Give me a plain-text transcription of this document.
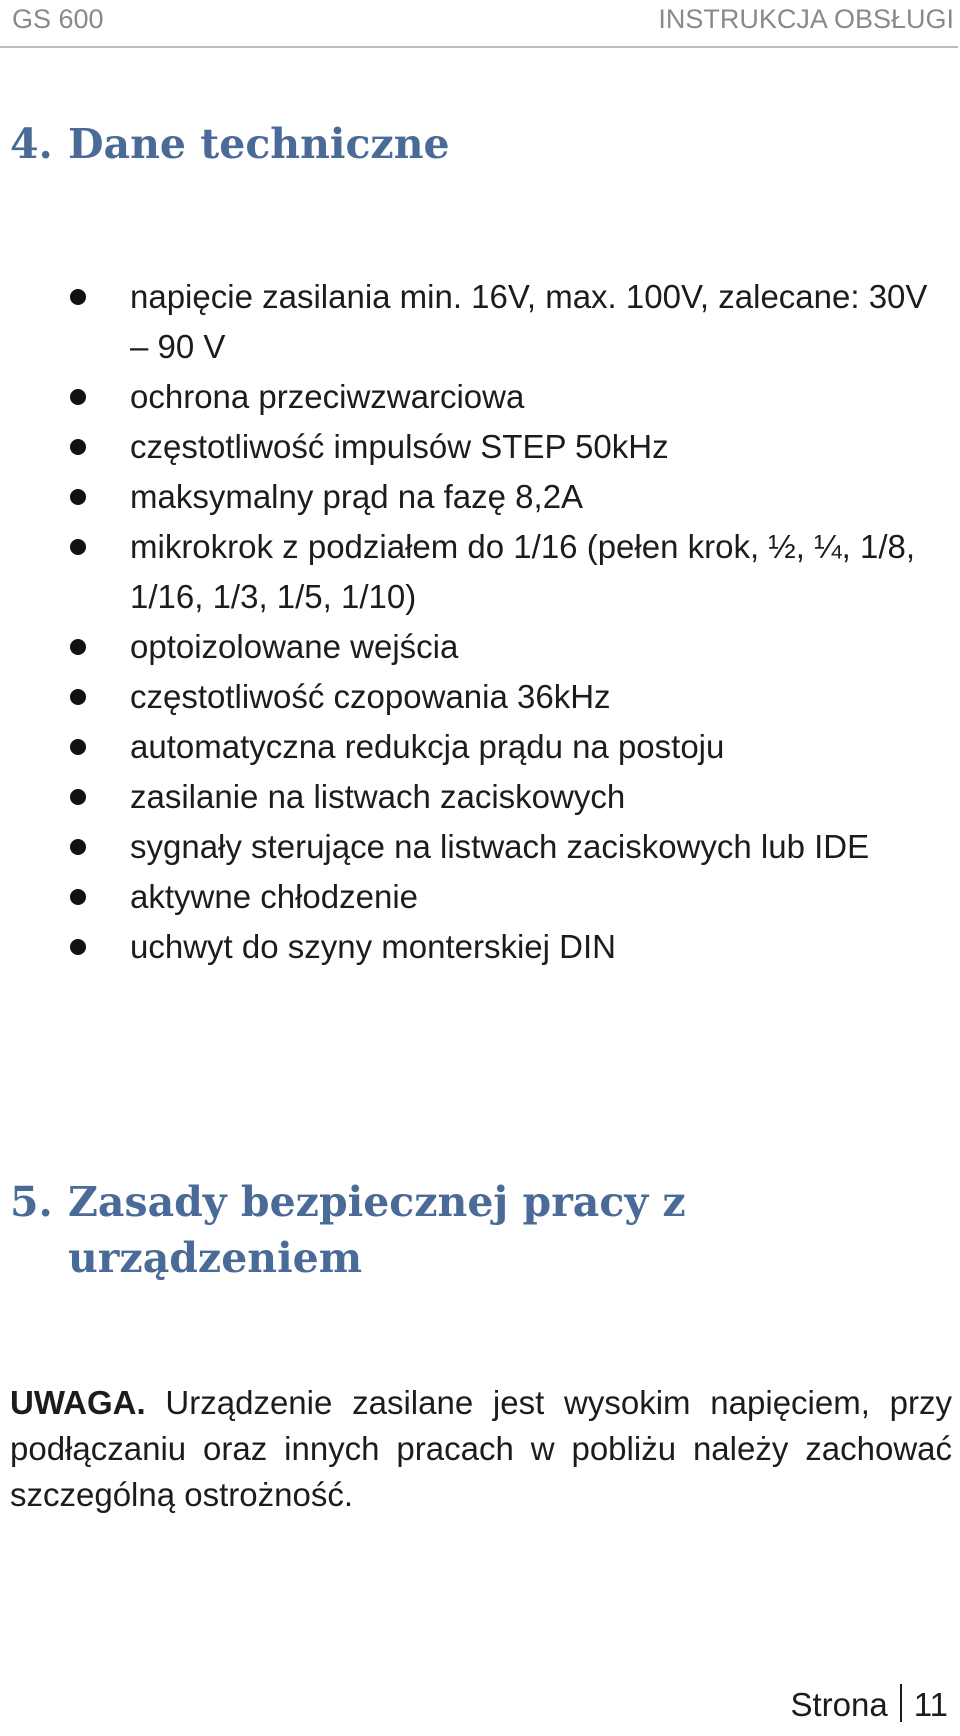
GS 600	INSTRUKCJA OBSŁUGI
4. Dane techniczne
napięcie zasilania min. 16V, max. 100V, zalecane: 30V – 90 V
ochrona przeciwzwarciowa
częstotliwość impulsów STEP 50kHz
maksymalny prąd na fazę 8,2A
mikrokrok z podziałem do 1/16 (pełen krok, ½, ¼, 1/8, 1/16, 1/3, 1/5, 1/10)
optoizolowane wejścia
częstotliwość czopowania 36kHz
automatyczna redukcja prądu na postoju
zasilanie na listwach zaciskowych
sygnały sterujące na listwach zaciskowych lub IDE
aktywne chłodzenie
uchwyt do szyny monterskiej DIN
5. Zasady bezpiecznej pracy z urządzeniem

UWAGA. Urządzenie zasilane jest wysokim napięciem, przy podłączaniu oraz innych pracach w pobliżu należy zachować szczególną ostrożność.

Strona 11
